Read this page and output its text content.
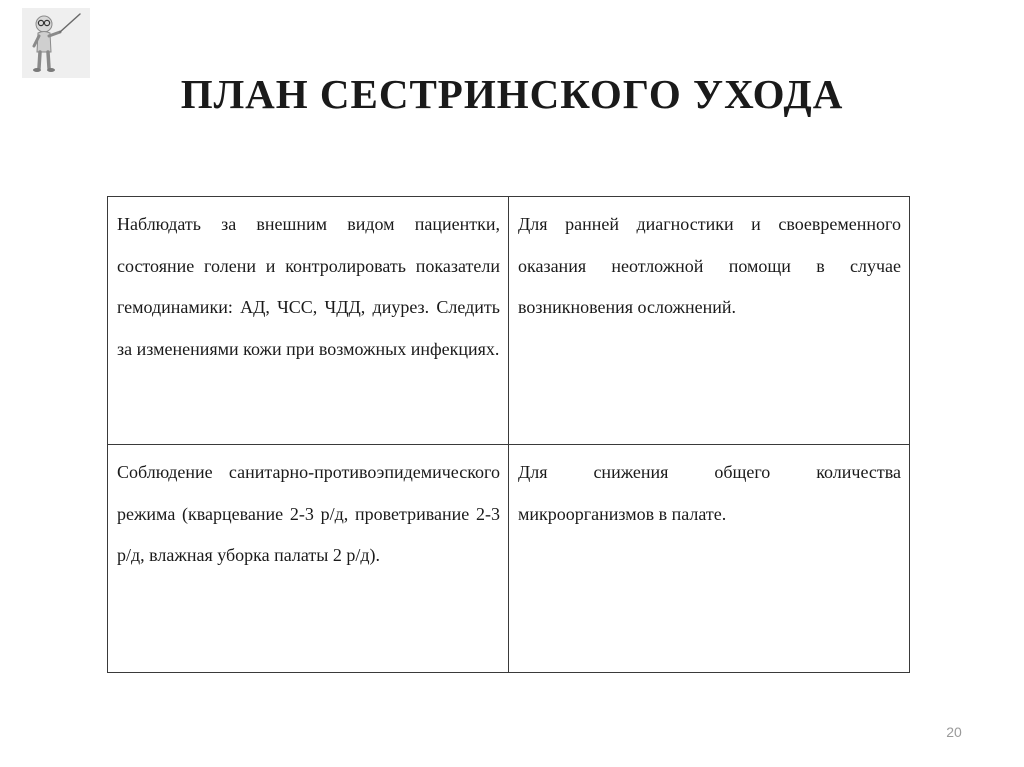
ПЛАН СЕСТРИНСКОГО УХОДА
Наблюдать за внешним видом пациентки, состояние голени и контролировать показатели гемодинамики: АД, ЧСС, ЧДД, диурез. Следить за изменениями кожи при возможных инфекциях.	Для ранней диагностики и своевременного оказания неотложной помощи в случае возникновения осложнений.
Соблюдение санитарно-противоэпидемического режима (кварцевание 2-3 р/д, проветривание 2-3 р/д, влажная уборка палаты 2 р/д).	Для снижения общего количества микроорганизмов в палате.
20
